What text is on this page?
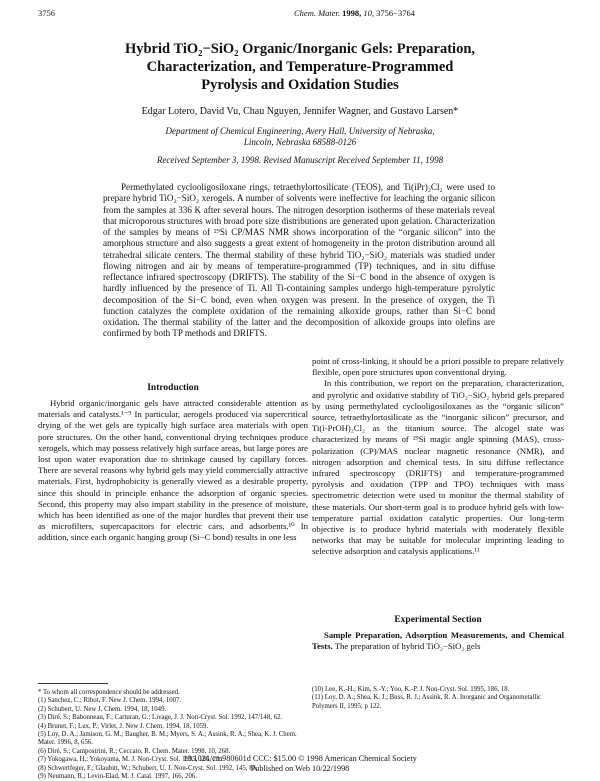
3756	Chem. Mater. 1998, 10, 3756−3764
Hybrid TiO₂−SiO₂ Organic/Inorganic Gels: Preparation,
Characterization, and Temperature-Programmed
Pyrolysis and Oxidation Studies
Edgar Lotero, David Vu, Chau Nguyen, Jennifer Wagner, and Gustavo Larsen*
Department of Chemical Engineering, Avery Hall, University of Nebraska,
Lincoln, Nebraska 68588-0126
Received September 3, 1998. Revised Manuscript Received September 11, 1998

Permethylated cyclooligosiloxane rings, tetraethylortosilicate (TEOS), and Ti(iPr)₂Cl₂ were used to prepare hybrid TiO₂−SiO₂ xerogels. A number of solvents were ineffective for leaching the organic silicon from the samples at 336 K after several hours. The nitrogen desorption isotherms of these materials reveal that microporous structures with broad pore size distributions are generated upon gelation. Characterization of the samples by means of ²⁹Si CP/MAS NMR shows incorporation of the “organic silicon” into the amorphous structure and also suggests a great extent of homogeneity in the proton distribution around all tetrahedral silicate centers. The thermal stability of these hybrid TiO₂−SiO₂ materials was studied under flowing nitrogen and air by means of temperature-programmed (TP) techniques, and in situ diffuse reflectance infrared spectroscopy (DRIFTS). The stability of the Si−C bond in the absence of oxygen is hardly influenced by the presence of Ti. All Ti-containing samples undergo high-temperature pyrolytic decomposition of the Si−C bond, even when oxygen was present. In the presence of oxygen, the Ti function catalyzes the complete oxidation of the remaining alkoxide groups, rather than Si−C bond oxidation. The thermal stability of the latter and the decomposition of alkoxide groups into olefins are confirmed by both TP methods and DRIFTS.

Introduction

Hybrid organic/inorganic gels have attracted considerable attention as materials and catalysts.¹⁻⁹ In particular, aerogels produced via supercritical drying of the wet gels are typically high surface area materials with open pore structures. On the other hand, conventional drying techniques produce xerogels, which may possess relatively high surface areas, but large pores are lost upon water evaporation due to shrinkage caused by capillary forces. There are several reasons why hybrid gels may yield commercially attractive materials. First, hydrophobicity is generally viewed as a desirable property, since this should in principle enhance the adsorption of organic species. Second, this property may also impart stability in the presence of moisture, which has been identified as one of the major hurdles that prevent their use as microfilters, supercapacitors for electric cars, and adsorbents.¹⁰ In addition, since each organic hanging group (Si−C bond) results in one less

* To whom all correspondence should be addressed.
(1) Sanchez, C.; Ribot, F. New J. Chem. 1994, 1007.
(2) Schubert, U. New J. Chem. 1994, 18, 1049.
(3) Diré, S.; Babonneau, F.; Carturan, G.; Livage, J. J. Non-Cryst. Sol. 1992, 147/148, 62.
(4) Brunet, F.; Lux, P.; Virlet, J. New J. Chem. 1994, 18, 1059.
(5) Loy, D. A.; Jamison, G. M.; Baugher, B. M.; Myers, S. A.; Assink, R. A.; Shea, K. J. Chem. Mater. 1996, 8, 656.
(6) Diré, S.; Campostrini, R.; Ceccato, R. Chem. Mater. 1998, 10, 268.
(7) Yokogawa, H.; Yokoyama, M. J. Non-Cryst. Sol. 1995, 186, 23.
(8) Schwertfeger, F.; Glaubitt, W.; Schubert, U. J. Non-Cryst. Sol. 1992, 145, 85.
(9) Neumann, R.; Levin-Elad, M. J. Catal. 1997, 166, 206.

point of cross-linking, it should be a priori possible to prepare relatively flexible, open pore structures upon conventional drying.

In this contribution, we report on the preparation, characterization, and pyrolytic and oxidative stability of TiO₂−SiO₂ hybrid gels prepared by using permethylated cyclooligosiloxanes as the “organic silicon” source, tetraethylortosilicate as the “inorganic silicon” precursor, and Ti(i-PrOH)₂Cl₂ as the titanium source. The alcogel state was characterized by means of ²⁹Si magic angle spinning (MAS), cross-polarization (CP)/MAS nuclear magnetic resonance (NMR), and nitrogen adsorption and chemical tests. In situ diffuse reflectance infrared spectroscopy (DRIFTS) and temperature-programmed pyrolysis and oxidation (TPP and TPO) techniques with mass spectrometric detection were used to monitor the thermal stability of these materials. Our short-term goal is to produce hybrid gels with low-temperature partial oxidation catalytic properties. Our long-term objective is to produce hybrid materials with moderately flexible networks that may be suitable for molecular imprinting leading to selective adsorption and catalysis applications.¹¹

Experimental Section

Sample Preparation, Adsorption Measurements, and Chemical Tests. The preparation of hybrid TiO₂−SiO₂ gels

(10) Lee, K.-H.; Kim, S.-Y.; Yoo, K.-P. J. Non-Cryst. Sol. 1995, 186, 18.
(11) Loy, D. A.; Shea, K. J.; Buss, R. J.; Assink, R. A. Inorganic and Organometallic Polymers II, 1995; p 122.
10.1021/cm980601d CCC: $15.00 © 1998 American Chemical Society
Published on Web 10/22/1998
